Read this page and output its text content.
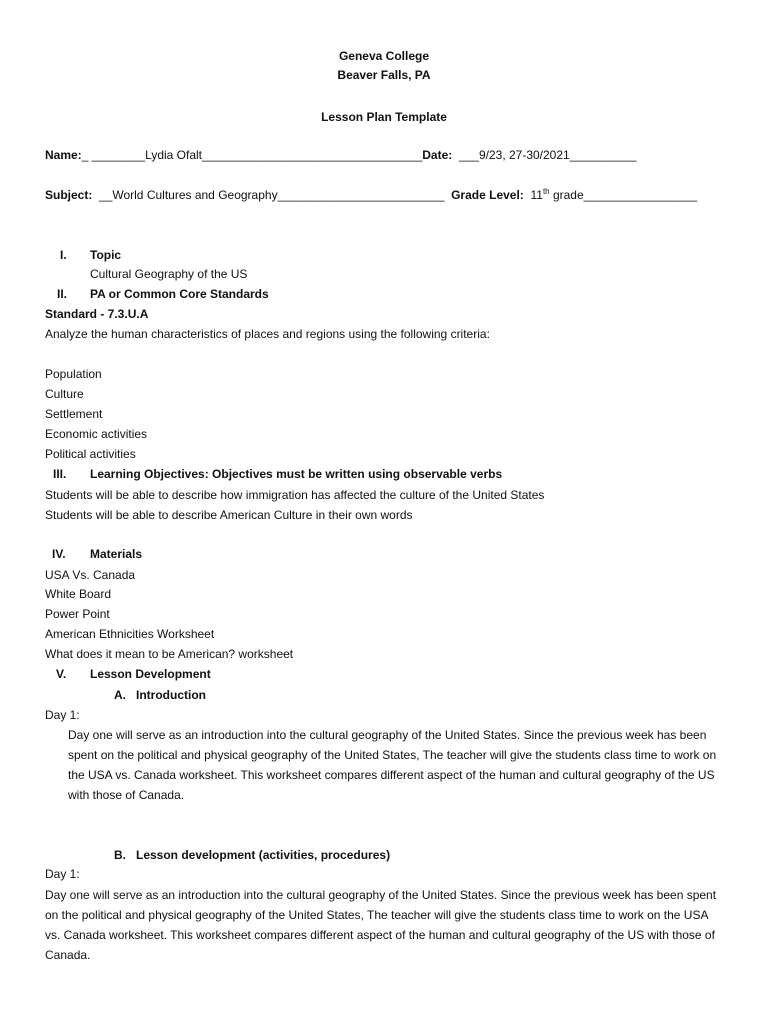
Geneva College
Beaver Falls, PA
Lesson Plan Template
Name:_ ________Lydia Ofalt_________________________________Date: ___9/23, 27-30/2021__________
Subject: __World Cultures and Geography_________________________ Grade Level: 11th grade_________________
I. Topic
Cultural Geography of the US
II. PA or Common Core Standards
Standard - 7.3.U.A
Analyze the human characteristics of places and regions using the following criteria:
Population
Culture
Settlement
Economic activities
Political activities
III. Learning Objectives: Objectives must be written using observable verbs
Students will be able to describe how immigration has affected the culture of the United States
Students will be able to describe American Culture in their own words
IV. Materials
USA Vs. Canada
White Board
Power Point
American Ethnicities Worksheet
What does it mean to be American? worksheet
V. Lesson Development
A. Introduction
Day 1:
Day one will serve as an introduction into the cultural geography of the United States. Since the previous week has been spent on the political and physical geography of the United States, The teacher will give the students class time to work on the USA vs. Canada worksheet. This worksheet compares different aspect of the human and cultural geography of the US with those of Canada.
B. Lesson development (activities, procedures)
Day 1:
Day one will serve as an introduction into the cultural geography of the United States. Since the previous week has been spent on the political and physical geography of the United States, The teacher will give the students class time to work on the USA vs. Canada worksheet. This worksheet compares different aspect of the human and cultural geography of the US with those of Canada.
